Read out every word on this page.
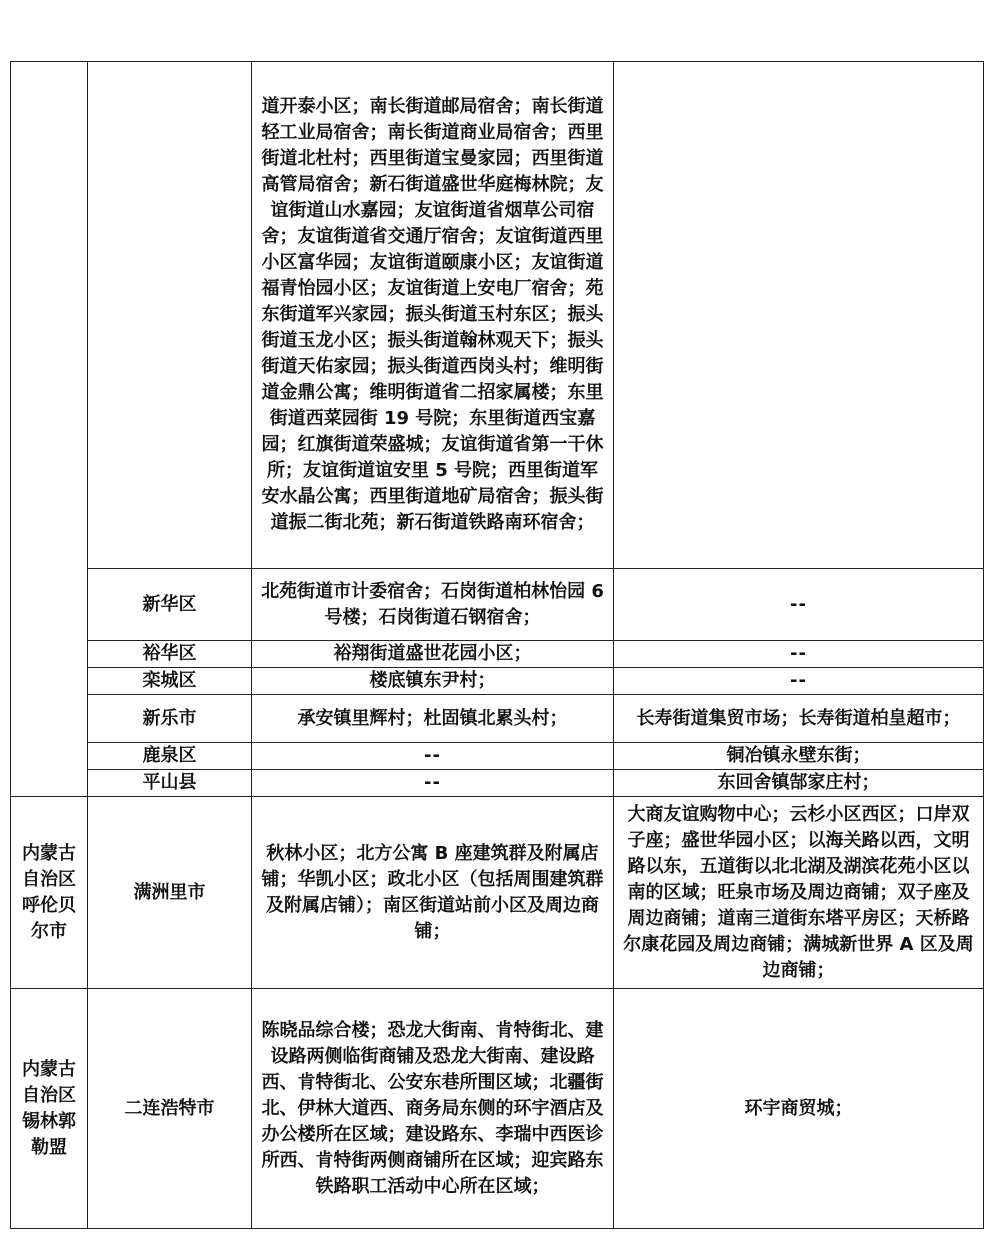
		道开泰小区；南长街道邮局宿舍；南长街道轻工业局宿舍；南长街道商业局宿舍；西里街道北杜村；西里街道宝曼家园；西里街道高管局宿舍；新石街道盛世华庭梅林院；友谊街道山水嘉园；友谊街道省烟草公司宿舍；友谊街道省交通厅宿舍；友谊街道西里小区富华园；友谊街道颐康小区；友谊街道福青怡园小区；友谊街道上安电厂宿舍；苑东街道军兴家园；振头街道玉村东区；振头街道玉龙小区；振头街道翰林观天下；振头街道天佑家园；振头街道西岗头村；维明街道金鼎公寓；维明街道省二招家属楼；东里街道西菜园街 19 号院；东里街道西宝嘉园；红旗街道荣盛城；友谊街道省第一干休所；友谊街道谊安里 5 号院；西里街道军安水晶公寓；西里街道地矿局宿舍；振头街道振二街北苑；新石街道铁路南环宿舍；	
	新华区	北苑街道市计委宿舍；石岗街道柏林怡园 6 号楼；石岗街道石钢宿舍；	--
	裕华区	裕翔街道盛世花园小区；	--
	栾城区	楼底镇东尹村；	--
	新乐市	承安镇里辉村；杜固镇北累头村；	长寿街道集贸市场；长寿街道柏皇超市；
	鹿泉区	--	铜冶镇永壁东街；
	平山县	--	东回舍镇郜家庄村；
内蒙古自治区呼伦贝尔市	满洲里市	秋林小区；北方公寓 B 座建筑群及附属店铺；华凯小区；政北小区（包括周围建筑群及附属店铺）；南区街道站前小区及周边商铺；	大商友谊购物中心；云杉小区西区；口岸双子座；盛世华园小区；以海关路以西，文明路以东，五道街以北北湖及湖滨花苑小区以南的区域；旺泉市场及周边商铺；双子座及周边商铺；道南三道街东塔平房区；天桥路尔康花园及周边商铺；满城新世界 A 区及周边商铺；
内蒙古自治区锡林郭勒盟	二连浩特市	陈晓品综合楼；恐龙大街南、肯特街北、建设路两侧临街商铺及恐龙大街南、建设路西、肯特街北、公安东巷所围区域；北疆街北、伊林大道西、商务局东侧的环宇酒店及办公楼所在区域；建设路东、李瑞中西医诊所西、肯特街两侧商铺所在区域；迎宾路东铁路职工活动中心所在区域；	环宇商贸城；
